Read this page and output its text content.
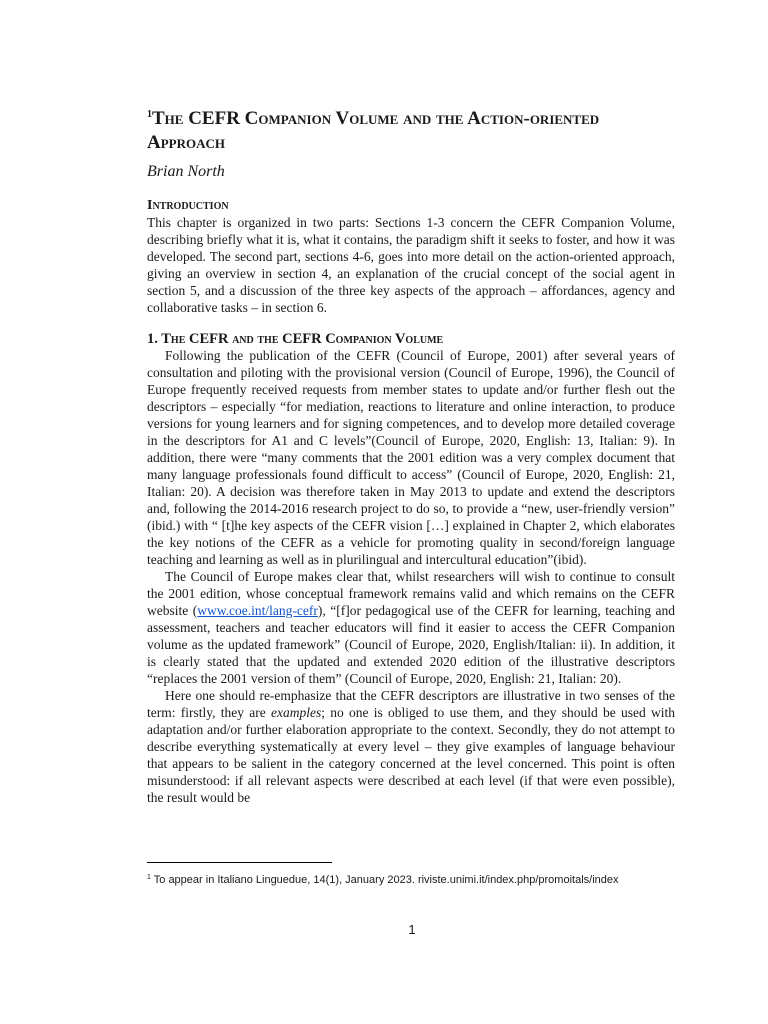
$^1$The CEFR Companion Volume and the Action-oriented Approach

Brian North

Introduction

This chapter is organized in two parts: Sections 1-3 concern the CEFR Companion Volume, describing briefly what it is, what it contains, the paradigm shift it seeks to foster, and how it was developed. The second part, sections 4-6, goes into more detail on the action-oriented approach, giving an overview in section 4, an explanation of the crucial concept of the social agent in section 5, and a discussion of the three key aspects of the approach – affordances, agency and collaborative tasks – in section 6.

1. The CEFR and the CEFR Companion Volume

Following the publication of the CEFR (Council of Europe, 2001) after several years of consultation and piloting with the provisional version (Council of Europe, 1996), the Council of Europe frequently received requests from member states to update and/or further flesh out the descriptors – especially “for mediation, reactions to literature and online interaction, to produce versions for young learners and for signing competences, and to develop more detailed coverage in the descriptors for A1 and C levels”(Council of Europe, 2020, English: 13, Italian: 9). In addition, there were “many comments that the 2001 edition was a very complex document that many language professionals found difficult to access” (Council of Europe, 2020, English: 21, Italian: 20). A decision was therefore taken in May 2013 to update and extend the descriptors and, following the 2014-2016 research project to do so, to provide a “new, user-friendly version” (ibid.) with “ [t]he key aspects of the CEFR vision […] explained in Chapter 2, which elaborates the key notions of the CEFR as a vehicle for promoting quality in second/foreign language teaching and learning as well as in plurilingual and intercultural education”(ibid).

The Council of Europe makes clear that, whilst researchers will wish to continue to consult the 2001 edition, whose conceptual framework remains valid and which remains on the CEFR website (www.coe.int/lang-cefr), “[f]or pedagogical use of the CEFR for learning, teaching and assessment, teachers and teacher educators will find it easier to access the CEFR Companion volume as the updated framework” (Council of Europe, 2020, English/Italian: ii). In addition, it is clearly stated that the updated and extended 2020 edition of the illustrative descriptors “replaces the 2001 version of them” (Council of Europe, 2020, English: 21, Italian: 20).

Here one should re-emphasize that the CEFR descriptors are illustrative in two senses of the term: firstly, they are examples; no one is obliged to use them, and they should be used with adaptation and/or further elaboration appropriate to the context. Secondly, they do not attempt to describe everything systematically at every level – they give examples of language behaviour that appears to be salient in the category concerned at the level concerned. This point is often misunderstood: if all relevant aspects were described at each level (if that were even possible), the result would be

$^1$ To appear in Italiano Linguedue, 14(1), January 2023. riviste.unimi.it/index.php/promoitals/index

1
